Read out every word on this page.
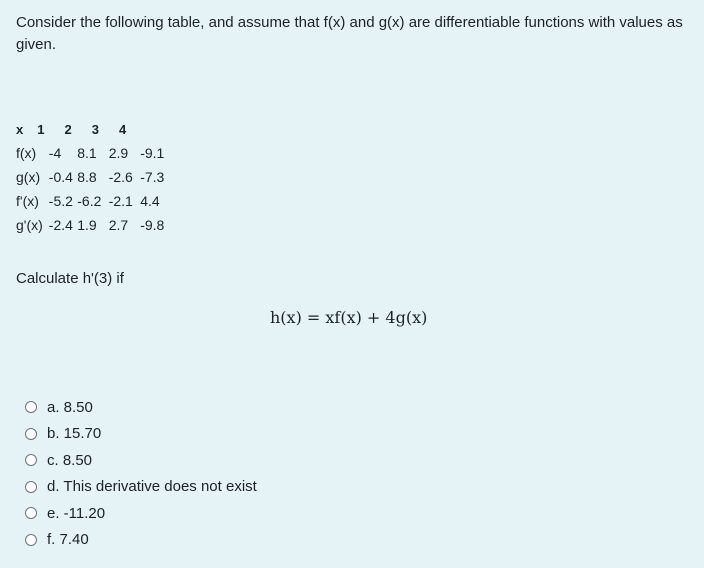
Consider the following table, and assume that f(x) and g(x) are differentiable functions with values as given.
x	1	2	3	4
f(x)	-4	8.1	2.9	-9.1
g(x)	-0.4	8.8	-2.6	-7.3
f'(x)	-5.2	-6.2	-2.1	4.4
g'(x)	-2.4	1.9	2.7	-9.8
Calculate h'(3) if
h(x) = xf(x) + 4g(x)
a. 8.50
b. 15.70
c. 8.50
d. This derivative does not exist
e. -11.20
f. 7.40
